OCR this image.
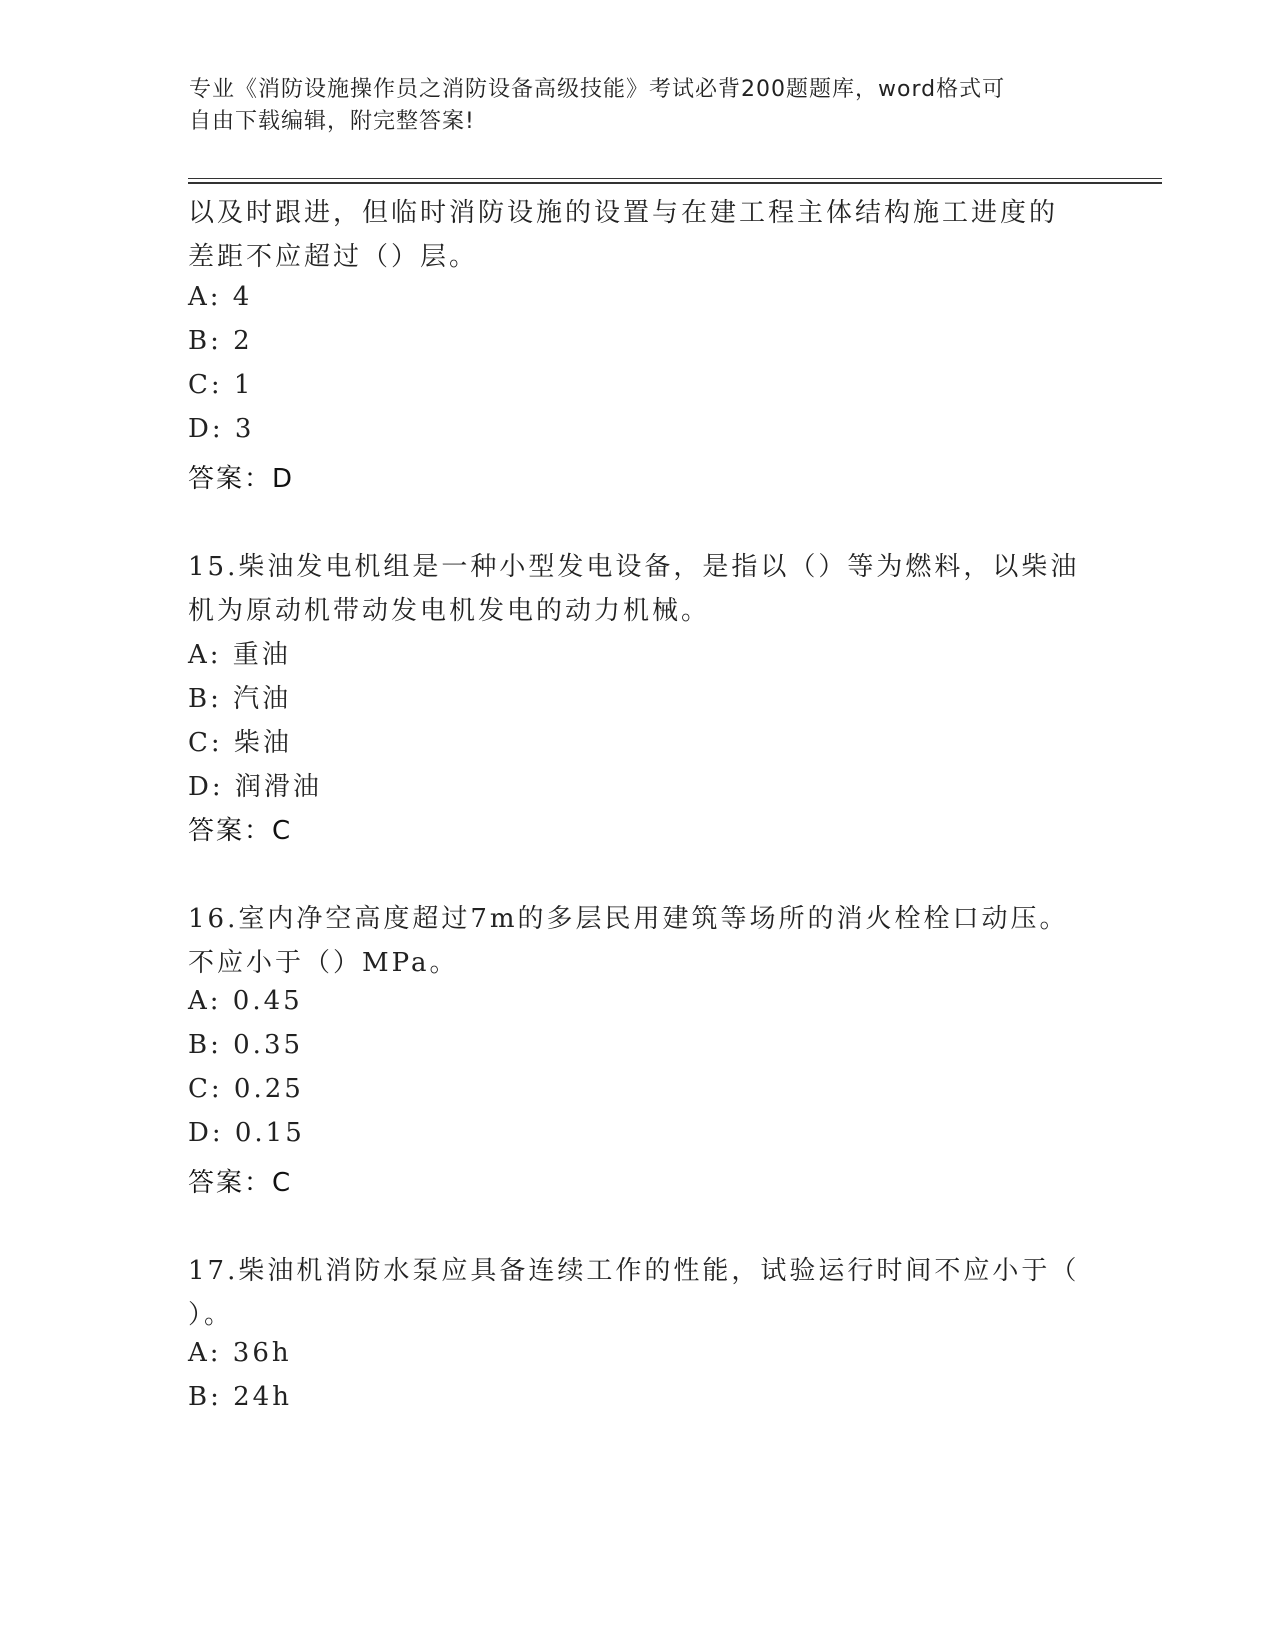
专业《消防设施操作员之消防设备高级技能》考试必背200题题库，word格式可
自由下载编辑，附完整答案!
以及时跟进，但临时消防设施的设置与在建工程主体结构施工进度的
差距不应超过（）层。
A: 4
B: 2
C: 1
D: 3
答案：D
15.柴油发电机组是一种小型发电设备，是指以（）等为燃料，以柴油
机为原动机带动发电机发电的动力机械。
A: 重油
B: 汽油
C: 柴油
D: 润滑油
答案：C
16.室内净空高度超过7m的多层民用建筑等场所的消火栓栓口动压。
不应小于（）MPa。
A: 0.45
B: 0.35
C: 0.25
D: 0.15
答案：C
17.柴油机消防水泵应具备连续工作的性能，试验运行时间不应小于（
）。
A: 36h
B: 24h
